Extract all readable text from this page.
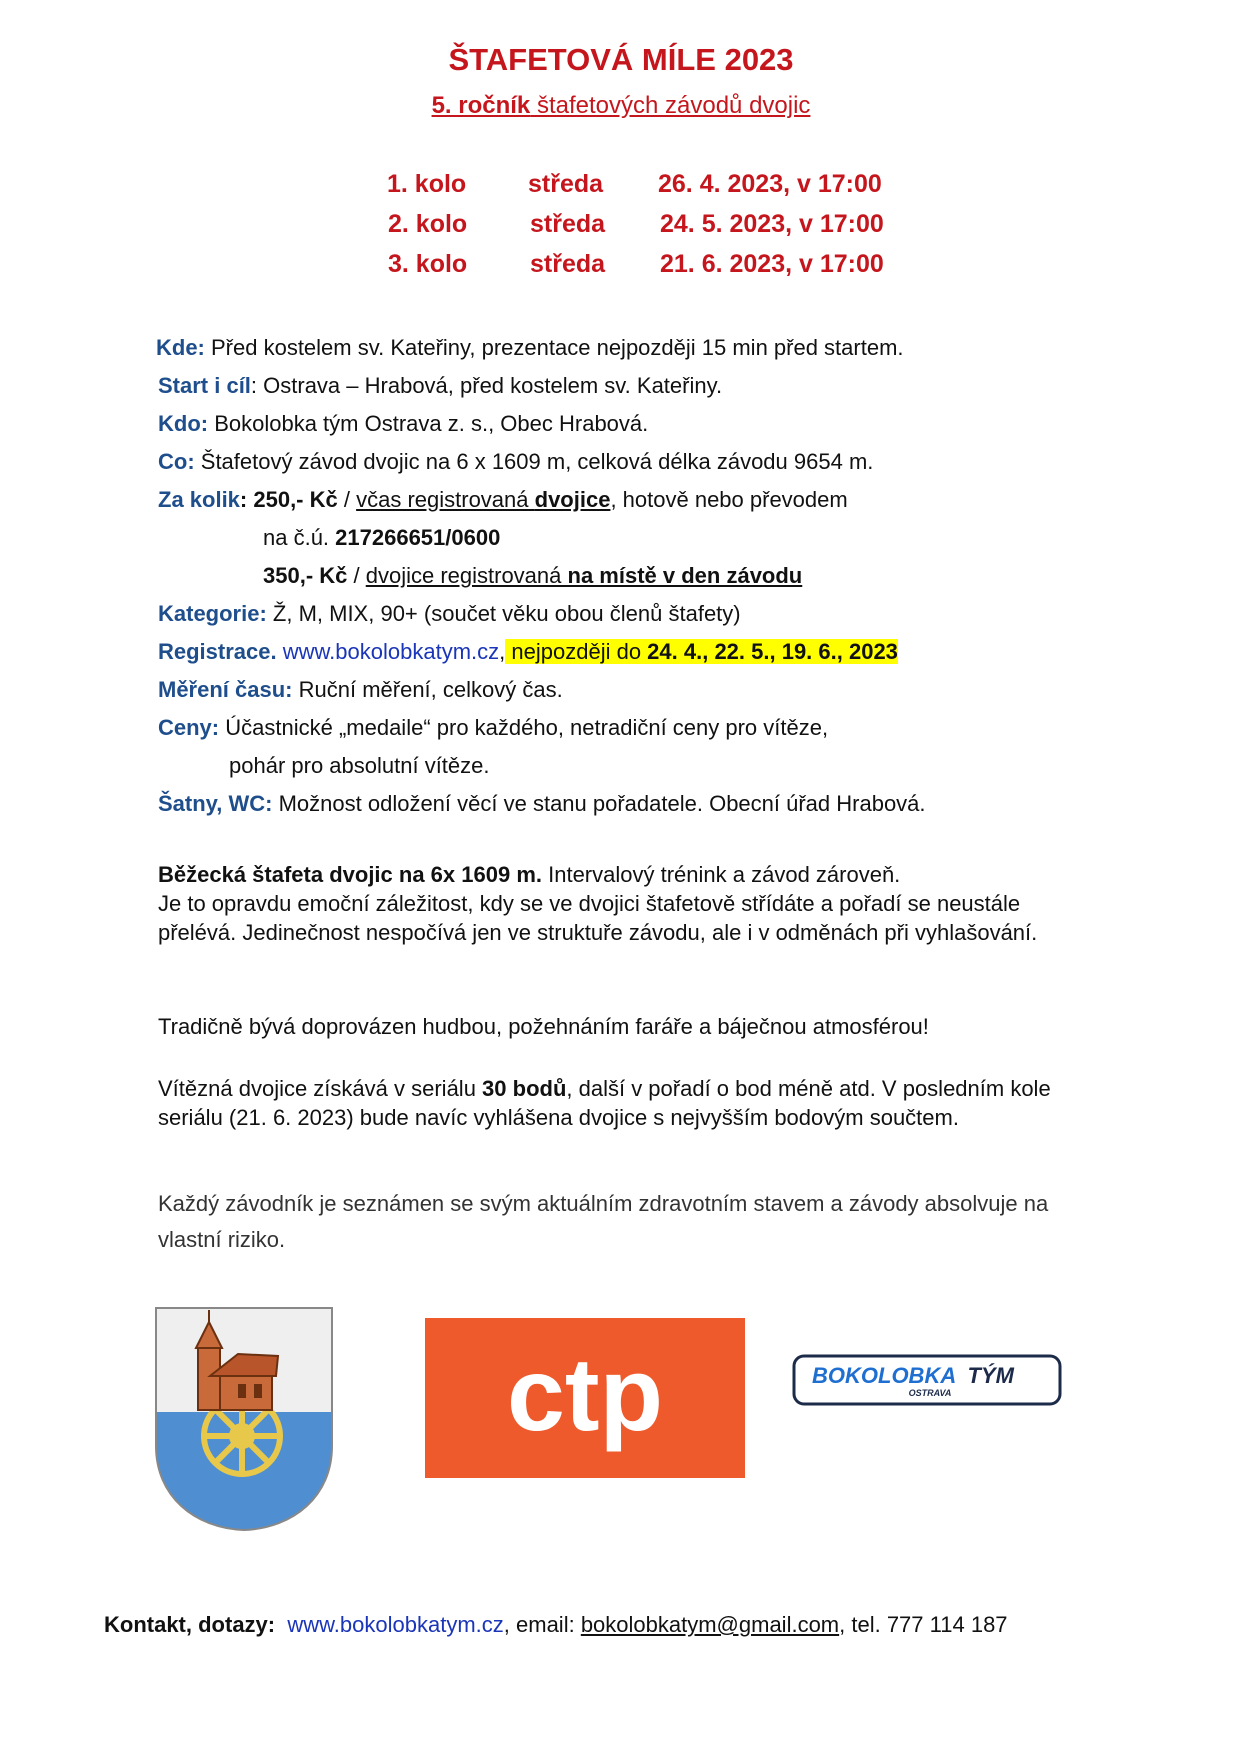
ŠTAFETOVÁ MÍLE 2023
5. ročník štafetových závodů dvojic
1. kolo středa 26. 4. 2023, v 17:00
2. kolo	středa 24. 5. 2023, v 17:00
3. kolo	středa 21. 6. 2023, v 17:00
Kde: Před kostelem sv. Kateřiny, prezentace nejpozději 15 min před startem.
Start i cíl: Ostrava – Hrabová, před kostelem sv. Kateřiny.
Kdo: Bokolobka tým Ostrava z. s., Obec Hrabová.
Co: Štafetový závod dvojic na 6 x 1609 m, celková délka závodu 9654 m.
Za kolik: 250,- Kč / včas registrovaná dvojice, hotově nebo převodem
na č.ú. 217266651/0600
350,- Kč / dvojice registrovaná na místě v den závodu
Kategorie: Ž, M, MIX, 90+ (součet věku obou členů štafety)
Registrace. www.bokolobkatym.cz, nejpozději do 24. 4., 22. 5., 19. 6., 2023
Měření času: Ruční měření, celkový čas.
Ceny: Účastnické „medaile“ pro každého, netradiční ceny pro vítěze,
pohár pro absolutní vítěze.
Šatny, WC: Možnost odložení věcí ve stanu pořadatele. Obecní úřad Hrabová.
Běžecká štafeta dvojic na 6x 1609 m. Intervalový trénink a závod zároveň.
Je to opravdu emoční záležitost, kdy se ve dvojici štafetově střídáte a pořadí se neustále přelévá. Jedinečnost nespočívá jen ve struktuře závodu, ale i v odměnách při vyhlašování.
Tradičně bývá doprovázen hudbou, požehnáním faráře a báječnou atmosférou!
Vítězná dvojice získává v seriálu 30 bodů, další v pořadí o bod méně atd. V posledním kole seriálu (21. 6. 2023) bude navíc vyhlášena dvojice s nejvyšším bodovým součtem.
Každý závodník je seznámen se svým aktuálním zdravotním stavem a závody absolvuje na vlastní riziko.
ctp	BOKOLOBKA TÝM
OSTRAVA
Kontakt, dotazy: www.bokolobkatym.cz, email: bokolobkatym@gmail.com, tel. 777 114 187
